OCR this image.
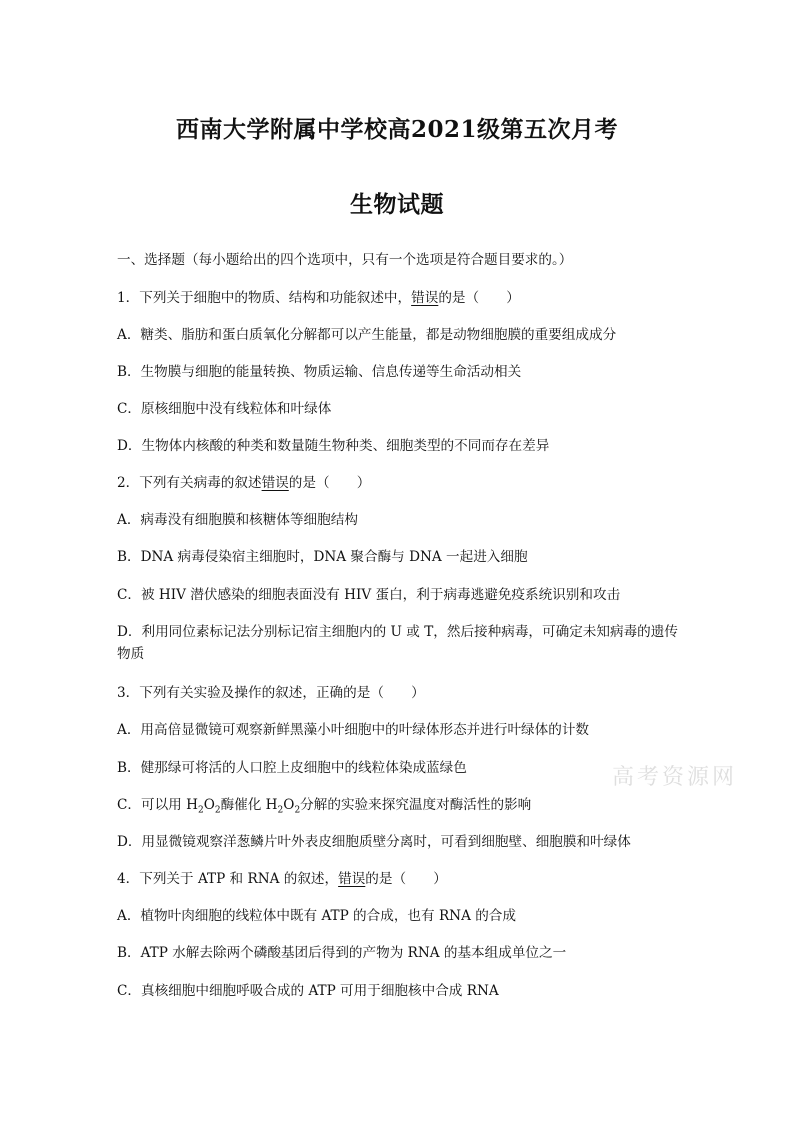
西南大学附属中学校高2021级第五次月考
生物试题

一、选择题（每小题给出的四个选项中，只有一个选项是符合题目要求的。）

1．下列关于细胞中的物质、结构和功能叙述中，错误的是（　　）

A．糖类、脂肪和蛋白质氧化分解都可以产生能量，都是动物细胞膜的重要组成成分

B．生物膜与细胞的能量转换、物质运输、信息传递等生命活动相关

C．原核细胞中没有线粒体和叶绿体

D．生物体内核酸的种类和数量随生物种类、细胞类型的不同而存在差异

2．下列有关病毒的叙述错误的是（　　）

A．病毒没有细胞膜和核糖体等细胞结构

B．DNA 病毒侵染宿主细胞时，DNA 聚合酶与 DNA 一起进入细胞

C．被 HIV 潜伏感染的细胞表面没有 HIV 蛋白，利于病毒逃避免疫系统识别和攻击

D．利用同位素标记法分别标记宿主细胞内的 U 或 T，然后接种病毒，可确定未知病毒的遗传物质

3．下列有关实验及操作的叙述，正确的是（　　）

A．用高倍显微镜可观察新鲜黑藻小叶细胞中的叶绿体形态并进行叶绿体的计数

B．健那绿可将活的人口腔上皮细胞中的线粒体染成蓝绿色

C．可以用 $H_2O_2$酶催化 $H_2O_2$分解的实验来探究温度对酶活性的影响

D．用显微镜观察洋葱鳞片叶外表皮细胞质壁分离时，可看到细胞壁、细胞膜和叶绿体

4．下列关于 ATP 和 RNA 的叙述，错误的是（　　）

A．植物叶肉细胞的线粒体中既有 ATP 的合成，也有 RNA 的合成

B．ATP 水解去除两个磷酸基团后得到的产物为 RNA 的基本组成单位之一

C．真核细胞中细胞呼吸合成的 ATP 可用于细胞核中合成 RNA

高考资源网
